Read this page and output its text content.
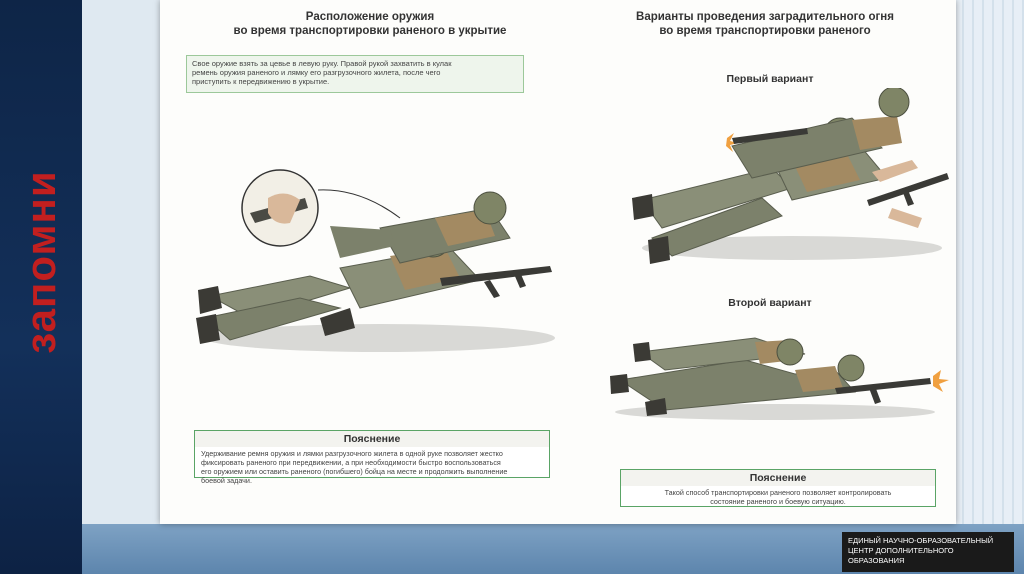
запомни
Расположение оружия
во время транспортировки раненого в укрытие
Свое оружие взять за цевье в левую руку. Правой рукой захватить в кулак
ремень оружия раненого и лямку его разгрузочного жилета, после чего
приступить к передвижению в укрытие.
Пояснение
Удерживание ремня оружия и лямки разгрузочного жилета в одной руке позволяет жестко
фиксировать раненого при передвижении, а при необходимости быстро воспользоваться
его оружием или оставить раненого (погибшего) бойца на месте и продолжить выполнение
боевой задачи.
Варианты проведения заградительного огня
во время транспортировки раненого
Первый вариант
Второй вариант
Пояснение
Такой способ транспортировки раненого позволяет контролировать
состояние раненого и боевую ситуацию.
ЕДИНЫЙ НАУЧНО-ОБРАЗОВАТЕЛЬНЫЙ
ЦЕНТР ДОПОЛНИТЕЛЬНОГО
ОБРАЗОВАНИЯ
